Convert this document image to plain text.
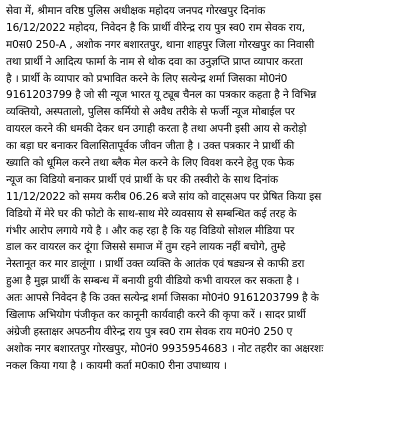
सेवा में, श्रीमान वरिष्ठ पुलिस अधीक्षक महोदय जनपद गोरखपुर दिनांक
16/12/2022 महोदय, निवेदन है कि प्रार्थी वीरेन्द्र राय पुत्र स्व0 राम सेवक राय,
म0स0 250-A , अशोक नगर बशारतपुर, थाना शाहपुर जिला गोरखपुर का निवासी
तथा प्रार्थी ने आदित्य फार्मा के नाम से थोक दवा का उनुज्ञप्ति प्राप्त व्यापार करता
है । प्रार्थी के व्यापार को प्रभावित करने के लिए सत्येन्द्र शर्मा जिसका मो0नं0
9161203799 है जो सी न्यूज भारत यू ट्यूब चैनल का पत्रकार कहता है ने विभिन्न
व्यक्तियो, अस्पतालो, पुलिस कर्मियो से अवैध तरीके से फर्जी न्यूज मोबाईल पर
वायरल करने की धमकी देकर धन उगाही करता है तथा अपनी इसी आय से करोड़ो
का बड़ा घर बनाकर विलासितापूर्वक जीवन जीता है । उक्त पत्रकार ने प्रार्थी की
ख्याति को धूमिल करने तथा ब्लैक मेल करने के लिए विवश करने हेतु एक फेक
न्यूज का विडियो बनाकर प्रार्थी एवं प्रार्थी के घर की तस्वीरो के साथ दिनांक
11/12/2022 को समय करीब 06.26 बजे सांय को वाट्सअप पर प्रेषित किया इस
विडियो में मेरे घर की फोटो के साथ-साथ मेरे व्यवसाय से सम्बन्धित कई तरह के
गंभीर आरोप लगाये गये है । और कह रहा है कि यह विडियो सोशल मीडिया पर
डाल कर वायरल कर दूंगा जिससे समाज में तुम रहने लायक नहीं बचोगे, तुम्हे
नेस्तानूत कर मार डालूंगा । प्रार्थी उक्त व्यक्ति के आतंक एवं षड्यन्त्र से काफी डरा
हुआ है मुझ प्रार्थी के सम्बन्ध में बनायी हुयी वीडियो कभी वायरल कर सकता है ।
अतः आपसे निवेदन है कि उक्त सत्येन्द्र शर्मा जिसका मो0नं0 9161203799 है के
खिलाफ अभियोग पंजीकृत कर कानूनी कार्यवाही करने की कृपा करें । सादर प्रार्थी
अंग्रेजी हस्ताक्षर अपठनीय वीरेन्द्र राय पुत्र स्व0 राम सेवक राय म0नं0 250 ए
अशोक नगर बशारतपुर गोरखपुर, मो0नं0 9935954683 । नोट तहरीर का अक्षरशः
नकल किया गया है । कायमी कर्ता म0का0 रीना उपाध्याय ।
